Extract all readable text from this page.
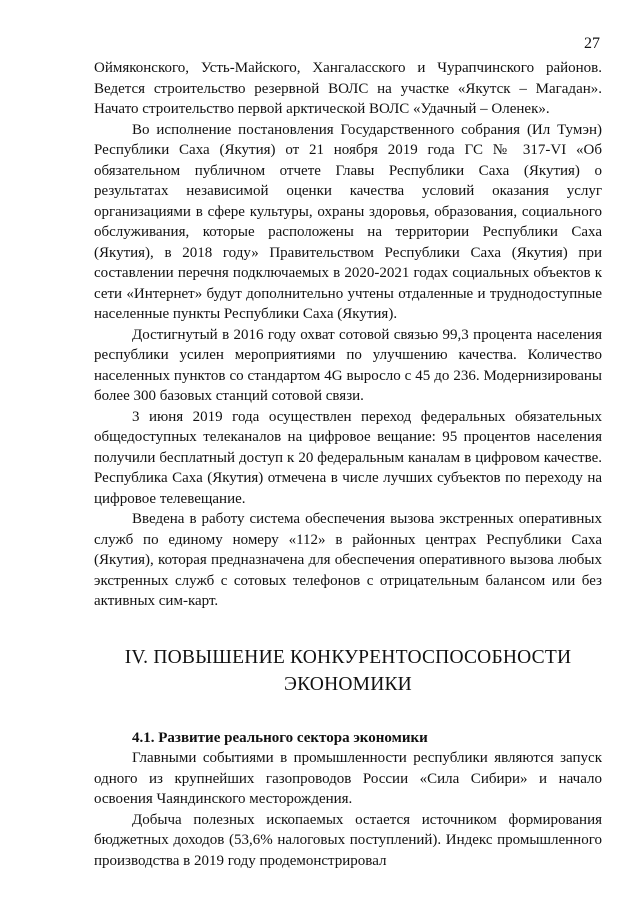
27

Оймяконского, Усть-Майского, Хангаласского и Чурапчинского районов. Ведется строительство резервной ВОЛС на участке «Якутск – Магадан». Начато строительство первой арктической ВОЛС «Удачный – Оленек».

Во исполнение постановления Государственного собрания (Ил Тумэн) Республики Саха (Якутия) от 21 ноября 2019 года ГС № 317-VI «Об обязательном публичном отчете Главы Республики Саха (Якутия) о результатах независимой оценки качества условий оказания услуг организациями в сфере культуры, охраны здоровья, образования, социального обслуживания, которые расположены на территории Республики Саха (Якутия), в 2018 году» Правительством Республики Саха (Якутия) при составлении перечня подключаемых в 2020-2021 годах социальных объектов к сети «Интернет» будут дополнительно учтены отдаленные и труднодоступные населенные пункты Республики Саха (Якутия).

Достигнутый в 2016 году охват сотовой связью 99,3 процента населения республики усилен мероприятиями по улучшению качества. Количество населенных пунктов со стандартом 4G выросло с 45 до 236. Модернизированы более 300 базовых станций сотовой связи.

3 июня 2019 года осуществлен переход федеральных обязательных общедоступных телеканалов на цифровое вещание: 95 процентов населения получили бесплатный доступ к 20 федеральным каналам в цифровом качестве. Республика Саха (Якутия) отмечена в числе лучших субъектов по переходу на цифровое телевещание.

Введена в работу система обеспечения вызова экстренных оперативных служб по единому номеру «112» в районных центрах Республики Саха (Якутия), которая предназначена для обеспечения оперативного вызова любых экстренных служб с сотовых телефонов с отрицательным балансом или без активных сим-карт.

IV. ПОВЫШЕНИЕ КОНКУРЕНТОСПОСОБНОСТИ
ЭКОНОМИКИ
4.1. Развитие реального сектора экономики

Главными событиями в промышленности республики являются запуск одного из крупнейших газопроводов России «Сила Сибири» и начало освоения Чаяндинского месторождения.

Добыча полезных ископаемых остается источником формирования бюджетных доходов (53,6% налоговых поступлений). Индекс промышленного производства в 2019 году продемонстрировал
